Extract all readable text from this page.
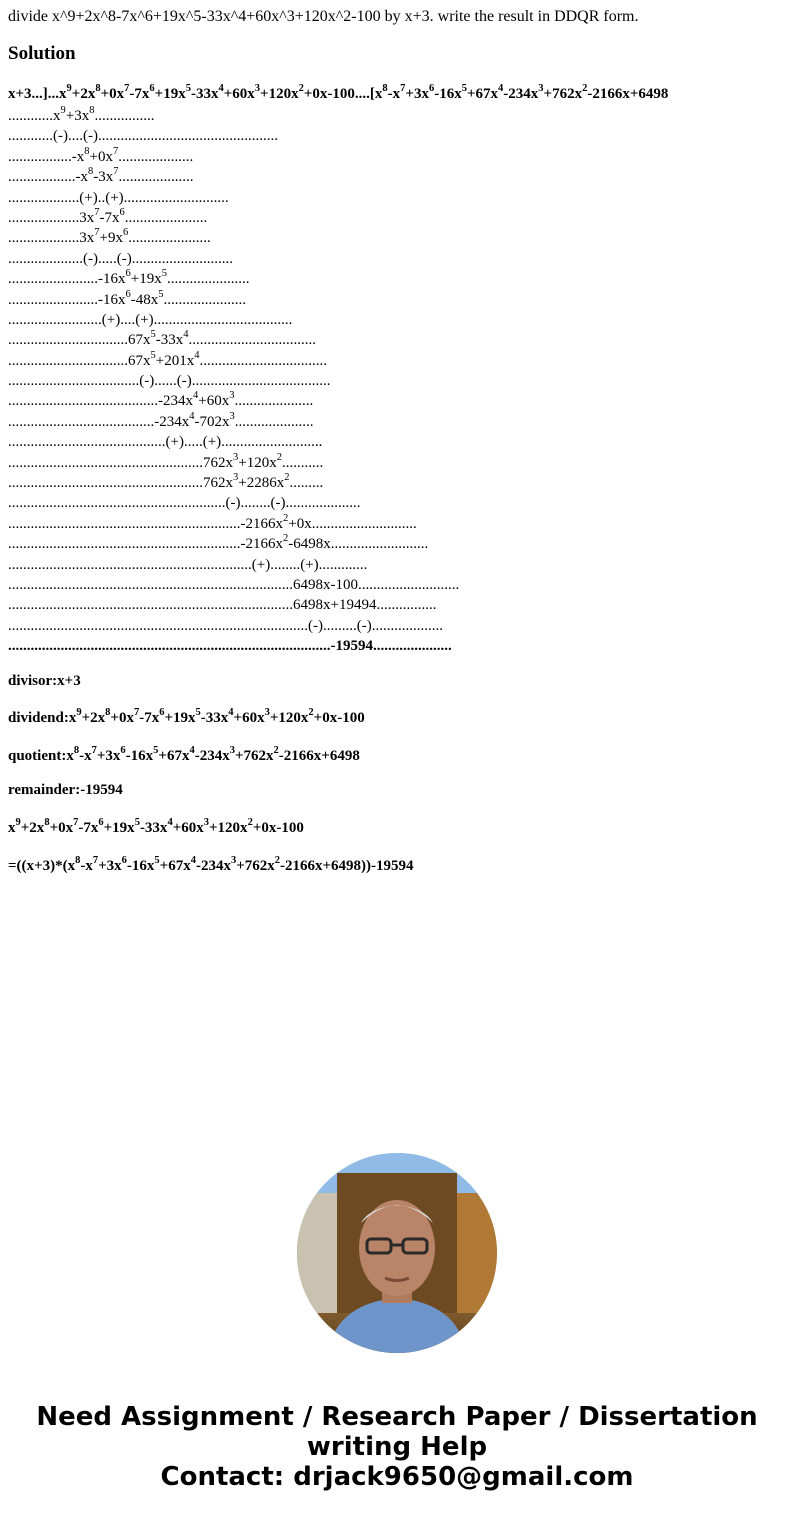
divide x^9+2x^8-7x^6+19x^5-33x^4+60x^3+120x^2-100 by x+3. write the result in DDQR form.

Solution
$x+3...]...x^9+2x^8+0x^7-7x^6+19x^5-33x^4+60x^3+120x^2+0x-100....[x^8-x^7+3x^6-16x^5+67x^4-234x^3+762x^2-2166x+6498$
$............x^9+3x^8$................
............(-)....(-)................................................
$.................-x^8+0x^7$....................
$..................-x^8-3x^7$....................
...................(+)..(+)............................
$...................3x^7-7x^6$......................
$...................3x^7+9x^6$......................
....................(-).....(-)...........................
$........................-16x^6+19x^5$......................
$........................-16x^6-48x^5$......................
.........................(+)....(+).....................................
$................................67x^5-33x^4$..................................
$................................67x^5+201x^4$..................................
...................................(-)......(-).....................................
$........................................-234x^4+60x^3$.....................
$.......................................-234x^4-702x^3$.....................
..........................................(+).....(+)...........................
$....................................................762x^3+120x^2$...........
$....................................................762x^3+2286x^2$.........
..........................................................(-)........(-)....................
$..............................................................-2166x^2+0x$............................
$..............................................................-2166x^2-6498x$..........................
.................................................................(+)........(+).............
............................................................................6498x-100...........................
............................................................................6498x+19494................
................................................................................(-).........(-)...................
......................................................................................-19594.....................

divisor:x+3

$dividend:x^9+2x^8+0x^7-7x^6+19x^5-33x^4+60x^3+120x^2+0x-100$

$quotient:x^8-x^7+3x^6-16x^5+67x^4-234x^3+762x^2-2166x+6498$

remainder:-19594

$x^9+2x^8+0x^7-7x^6+19x^5-33x^4+60x^3+120x^2+0x-100$

$=((x+3)*(x^8-x^7+3x^6-16x^5+67x^4-234x^3+762x^2-2166x+6498))-19594$

Need Assignment / Research Paper / Dissertation
writing Help
Contact: drjack9650@gmail.com
